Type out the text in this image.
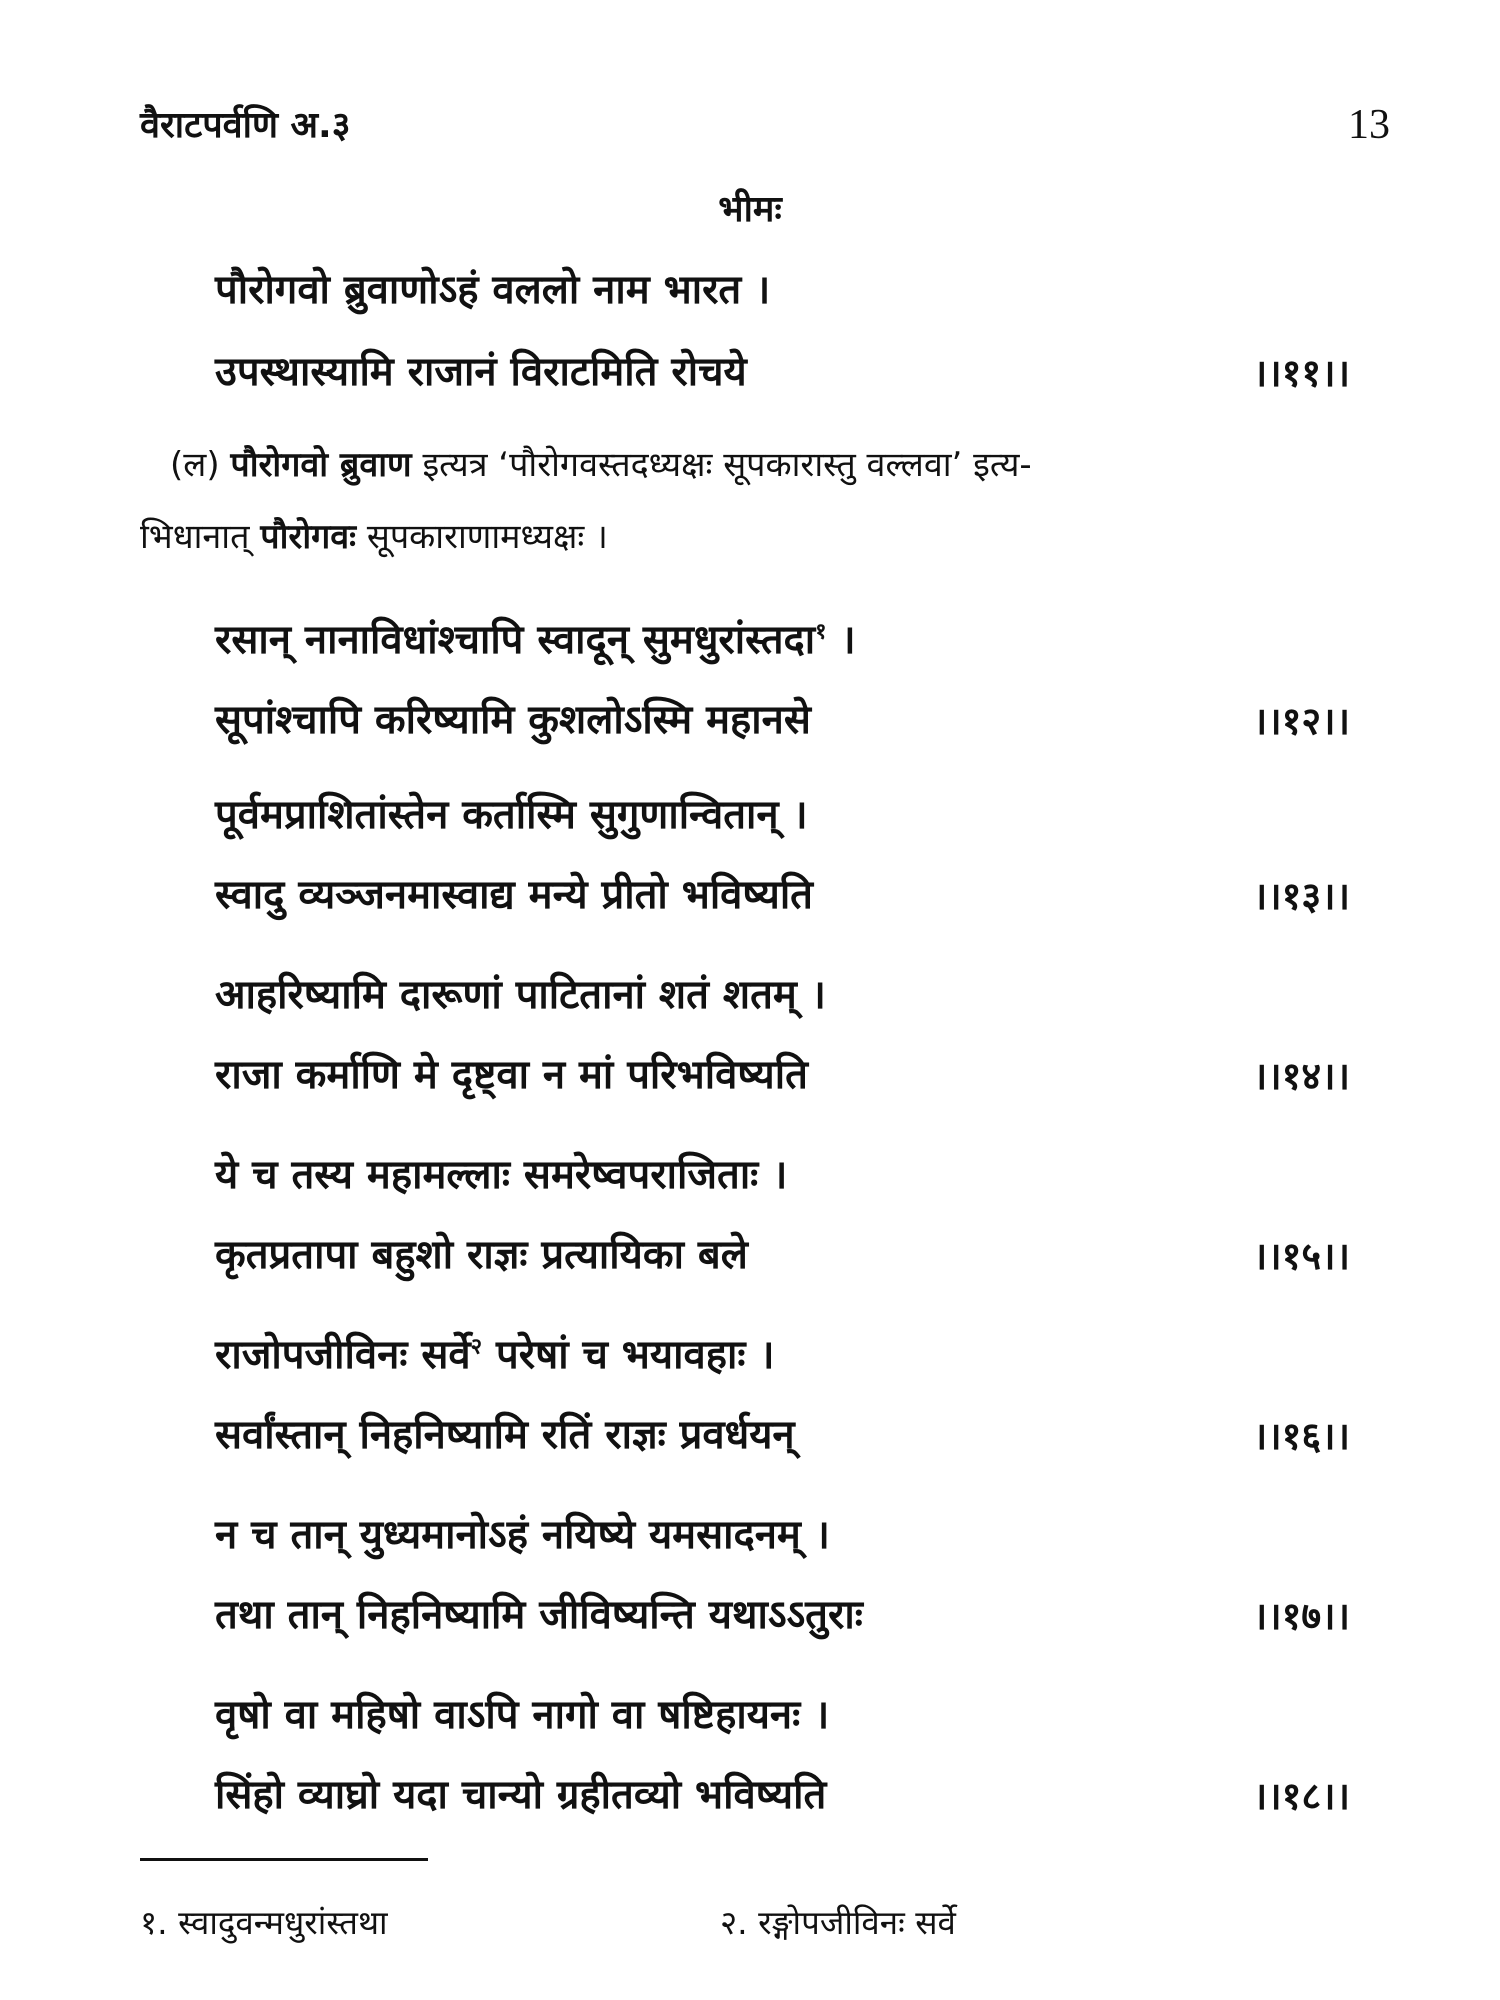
वैराटपर्वणि अ.३	13
भीमः
पौरोगवो ब्रुवाणोऽहं वललो नाम भारत ।
उपस्थास्यामि राजानं विराटमिति रोचये	।।११।।
(ल) पौरोगवो ब्रुवाण इत्यत्र ‘पौरोगवस्तदध्यक्षः सूपकारास्तु वल्लवा’ इत्य-
भिधानात् पौरोगवः सूपकाराणामध्यक्षः ।
रसान् नानाविधांश्चापि स्वादून् सुमधुरांस्तदा$^१$ ।
सूपांश्चापि करिष्यामि कुशलोऽस्मि महानसे	।।१२।।
पूर्वमप्राशितांस्तेन कर्तास्मि सुगुणान्वितान् ।
स्वादु व्यञ्जनमास्वाद्य मन्ये प्रीतो भविष्यति	।।१३।।
आहरिष्यामि दारूणां पाटितानां शतं शतम् ।
राजा कर्माणि मे दृष्ट्वा न मां परिभविष्यति	।।१४।।
ये च तस्य महामल्लाः समरेष्वपराजिताः ।
कृतप्रतापा बहुशो राज्ञः प्रत्यायिका बले	।।१५।।
राजोपजीविनः सर्वे$^२$ परेषां च भयावहाः ।
सर्वांस्तान् निहनिष्यामि रतिं राज्ञः प्रवर्धयन्	।।१६।।
न च तान् युध्यमानोऽहं नयिष्ये यमसादनम् ।
तथा तान् निहनिष्यामि जीविष्यन्ति यथाऽऽतुराः	।।१७।।
वृषो वा महिषो वाऽपि नागो वा षष्टिहायनः ।
सिंहो व्याघ्रो यदा चान्यो ग्रहीतव्यो भविष्यति	।।१८।।
१. स्वादुवन्मधुरांस्तथा	२. रङ्गोपजीविनः सर्वे
